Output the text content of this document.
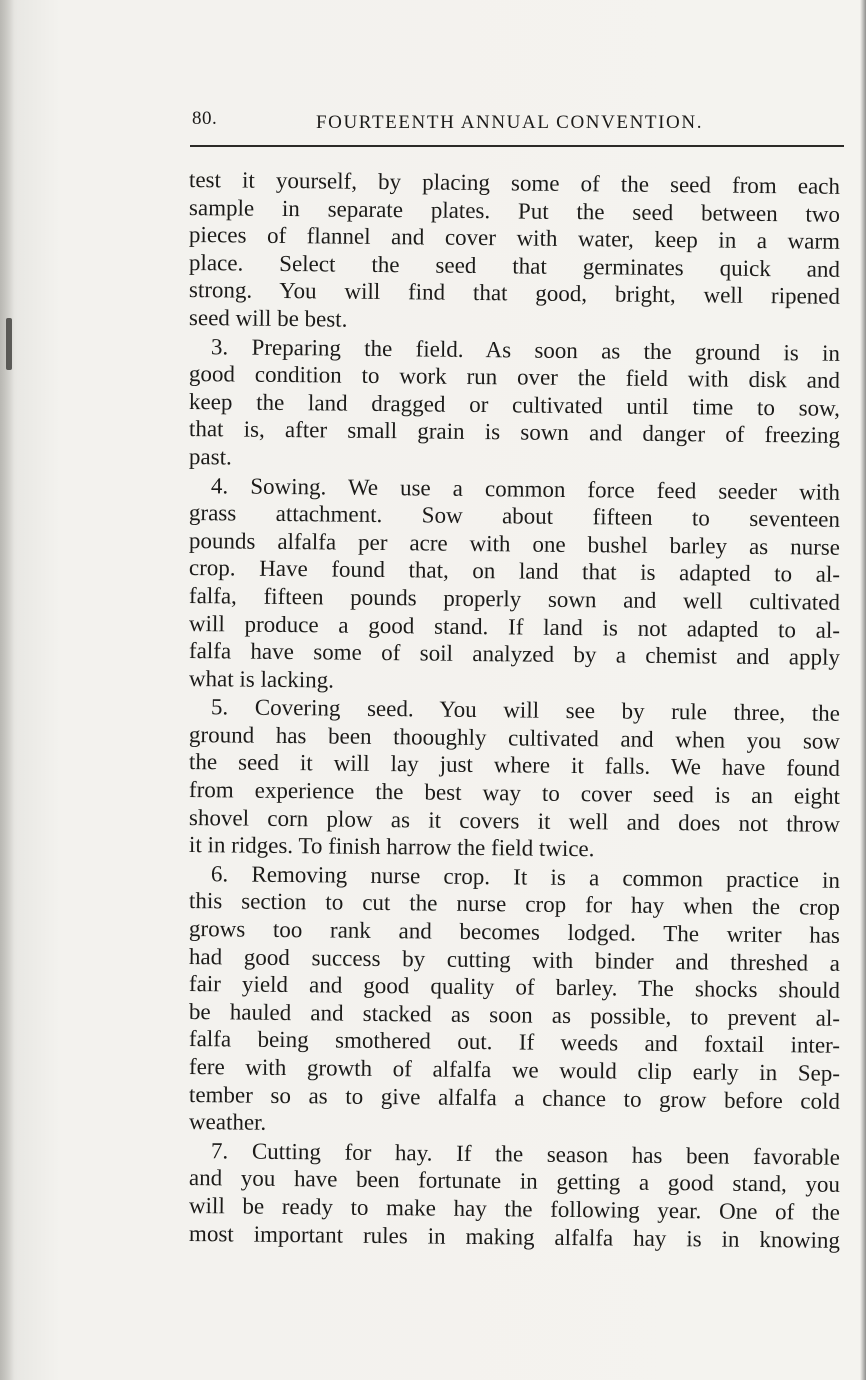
80.	FOURTEENTH ANNUAL CONVENTION.
test it yourself, by placing some of the seed from each
sample in separate plates. Put the seed between two
pieces of flannel and cover with water, keep in a warm
place. Select the seed that germinates quick and
strong. You will find that good, bright, well ripened
seed will be best.
3. Preparing the field. As soon as the ground is in
good condition to work run over the field with disk and
keep the land dragged or cultivated until time to sow,
that is, after small grain is sown and danger of freezing
past.
4. Sowing. We use a common force feed seeder with
grass attachment. Sow about fifteen to seventeen
pounds alfalfa per acre with one bushel barley as nurse
crop. Have found that, on land that is adapted to al-
falfa, fifteen pounds properly sown and well cultivated
will produce a good stand. If land is not adapted to al-
falfa have some of soil analyzed by a chemist and apply
what is lacking.
5. Covering seed. You will see by rule three, the
ground has been thooughly cultivated and when you sow
the seed it will lay just where it falls. We have found
from experience the best way to cover seed is an eight
shovel corn plow as it covers it well and does not throw
it in ridges. To finish harrow the field twice.
6. Removing nurse crop. It is a common practice in
this section to cut the nurse crop for hay when the crop
grows too rank and becomes lodged. The writer has
had good success by cutting with binder and threshed a
fair yield and good quality of barley. The shocks should
be hauled and stacked as soon as possible, to prevent al-
falfa being smothered out. If weeds and foxtail inter-
fere with growth of alfalfa we would clip early in Sep-
tember so as to give alfalfa a chance to grow before cold
weather.
7. Cutting for hay. If the season has been favorable
and you have been fortunate in getting a good stand, you
will be ready to make hay the following year. One of the
most important rules in making alfalfa hay is in knowing
